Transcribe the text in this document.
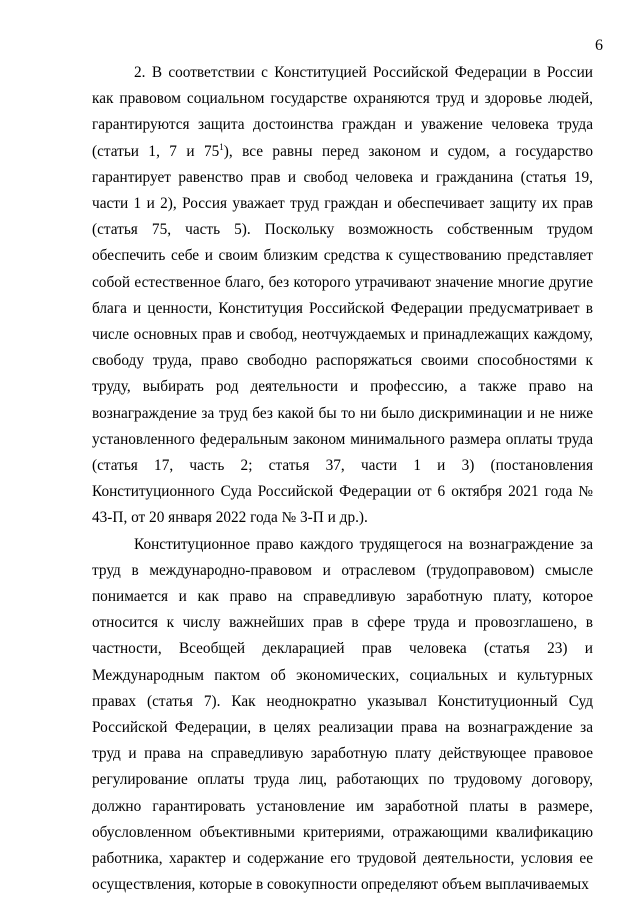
6

2. В соответствии с Конституцией Российской Федерации в России как правовом социальном государстве охраняются труд и здоровье людей, гарантируются защита достоинства граждан и уважение человека труда (статьи 1, 7 и $75^1$), все равны перед законом и судом, а государство гарантирует равенство прав и свобод человека и гражданина (статья 19, части 1 и 2), Россия уважает труд граждан и обеспечивает защиту их прав (статья 75, часть 5). Поскольку возможность собственным трудом обеспечить себе и своим близким средства к существованию представляет собой естественное благо, без которого утрачивают значение многие другие блага и ценности, Конституция Российской Федерации предусматривает в числе основных прав и свобод, неотчуждаемых и принадлежащих каждому, свободу труда, право свободно распоряжаться своими способностями к труду, выбирать род деятельности и профессию, а также право на вознаграждение за труд без какой бы то ни было дискриминации и не ниже установленного федеральным законом минимального размера оплаты труда (статья 17, часть 2; статья 37, части 1 и 3) (постановления Конституционного Суда Российской Федерации от 6 октября 2021 года № 43-П, от 20 января 2022 года № 3-П и др.).

Конституционное право каждого трудящегося на вознаграждение за труд в международно-правовом и отраслевом (трудоправовом) смысле понимается и как право на справедливую заработную плату, которое относится к числу важнейших прав в сфере труда и провозглашено, в частности, Всеобщей декларацией прав человека (статья 23) и Международным пактом об экономических, социальных и культурных правах (статья 7). Как неоднократно указывал Конституционный Суд Российской Федерации, в целях реализации права на вознаграждение за труд и права на справедливую заработную плату действующее правовое регулирование оплаты труда лиц, работающих по трудовому договору, должно гарантировать установление им заработной платы в размере, обусловленном объективными критериями, отражающими квалификацию работника, характер и содержание его трудовой деятельности, условия ее осуществления, которые в совокупности определяют объем выплачиваемых
